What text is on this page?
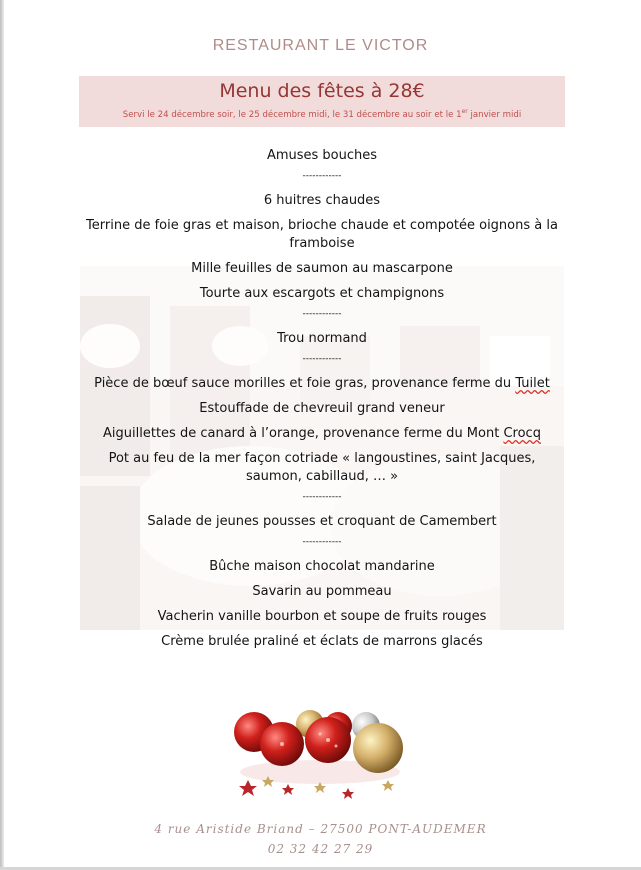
RESTAURANT LE VICTOR
Menu des fêtes à 28€
Servi le 24 décembre soir, le 25 décembre midi, le 31 décembre au soir et le 1er janvier midi
Amuses bouches
------------
6 huitres chaudes
Terrine de foie gras et maison, brioche chaude et compotée oignons à la framboise
Mille feuilles de saumon au mascarpone
Tourte aux escargots et champignons
------------
Trou normand
------------
Pièce de bœuf sauce morilles et foie gras, provenance ferme du Tuilet
Estouffade de chevreuil grand veneur
Aiguillettes de canard à l’orange, provenance ferme du Mont Crocq
Pot au feu de la mer façon cotriade « langoustines, saint Jacques, saumon, cabillaud, … »
------------
Salade de jeunes pousses et croquant de Camembert
------------
Bûche maison chocolat mandarine
Savarin au pommeau
Vacherin vanille bourbon et soupe de fruits rouges
Crème brulée praliné et éclats de marrons glacés
4 rue Aristide Briand – 27500 PONT-AUDEMER
02 32 42 27 29
